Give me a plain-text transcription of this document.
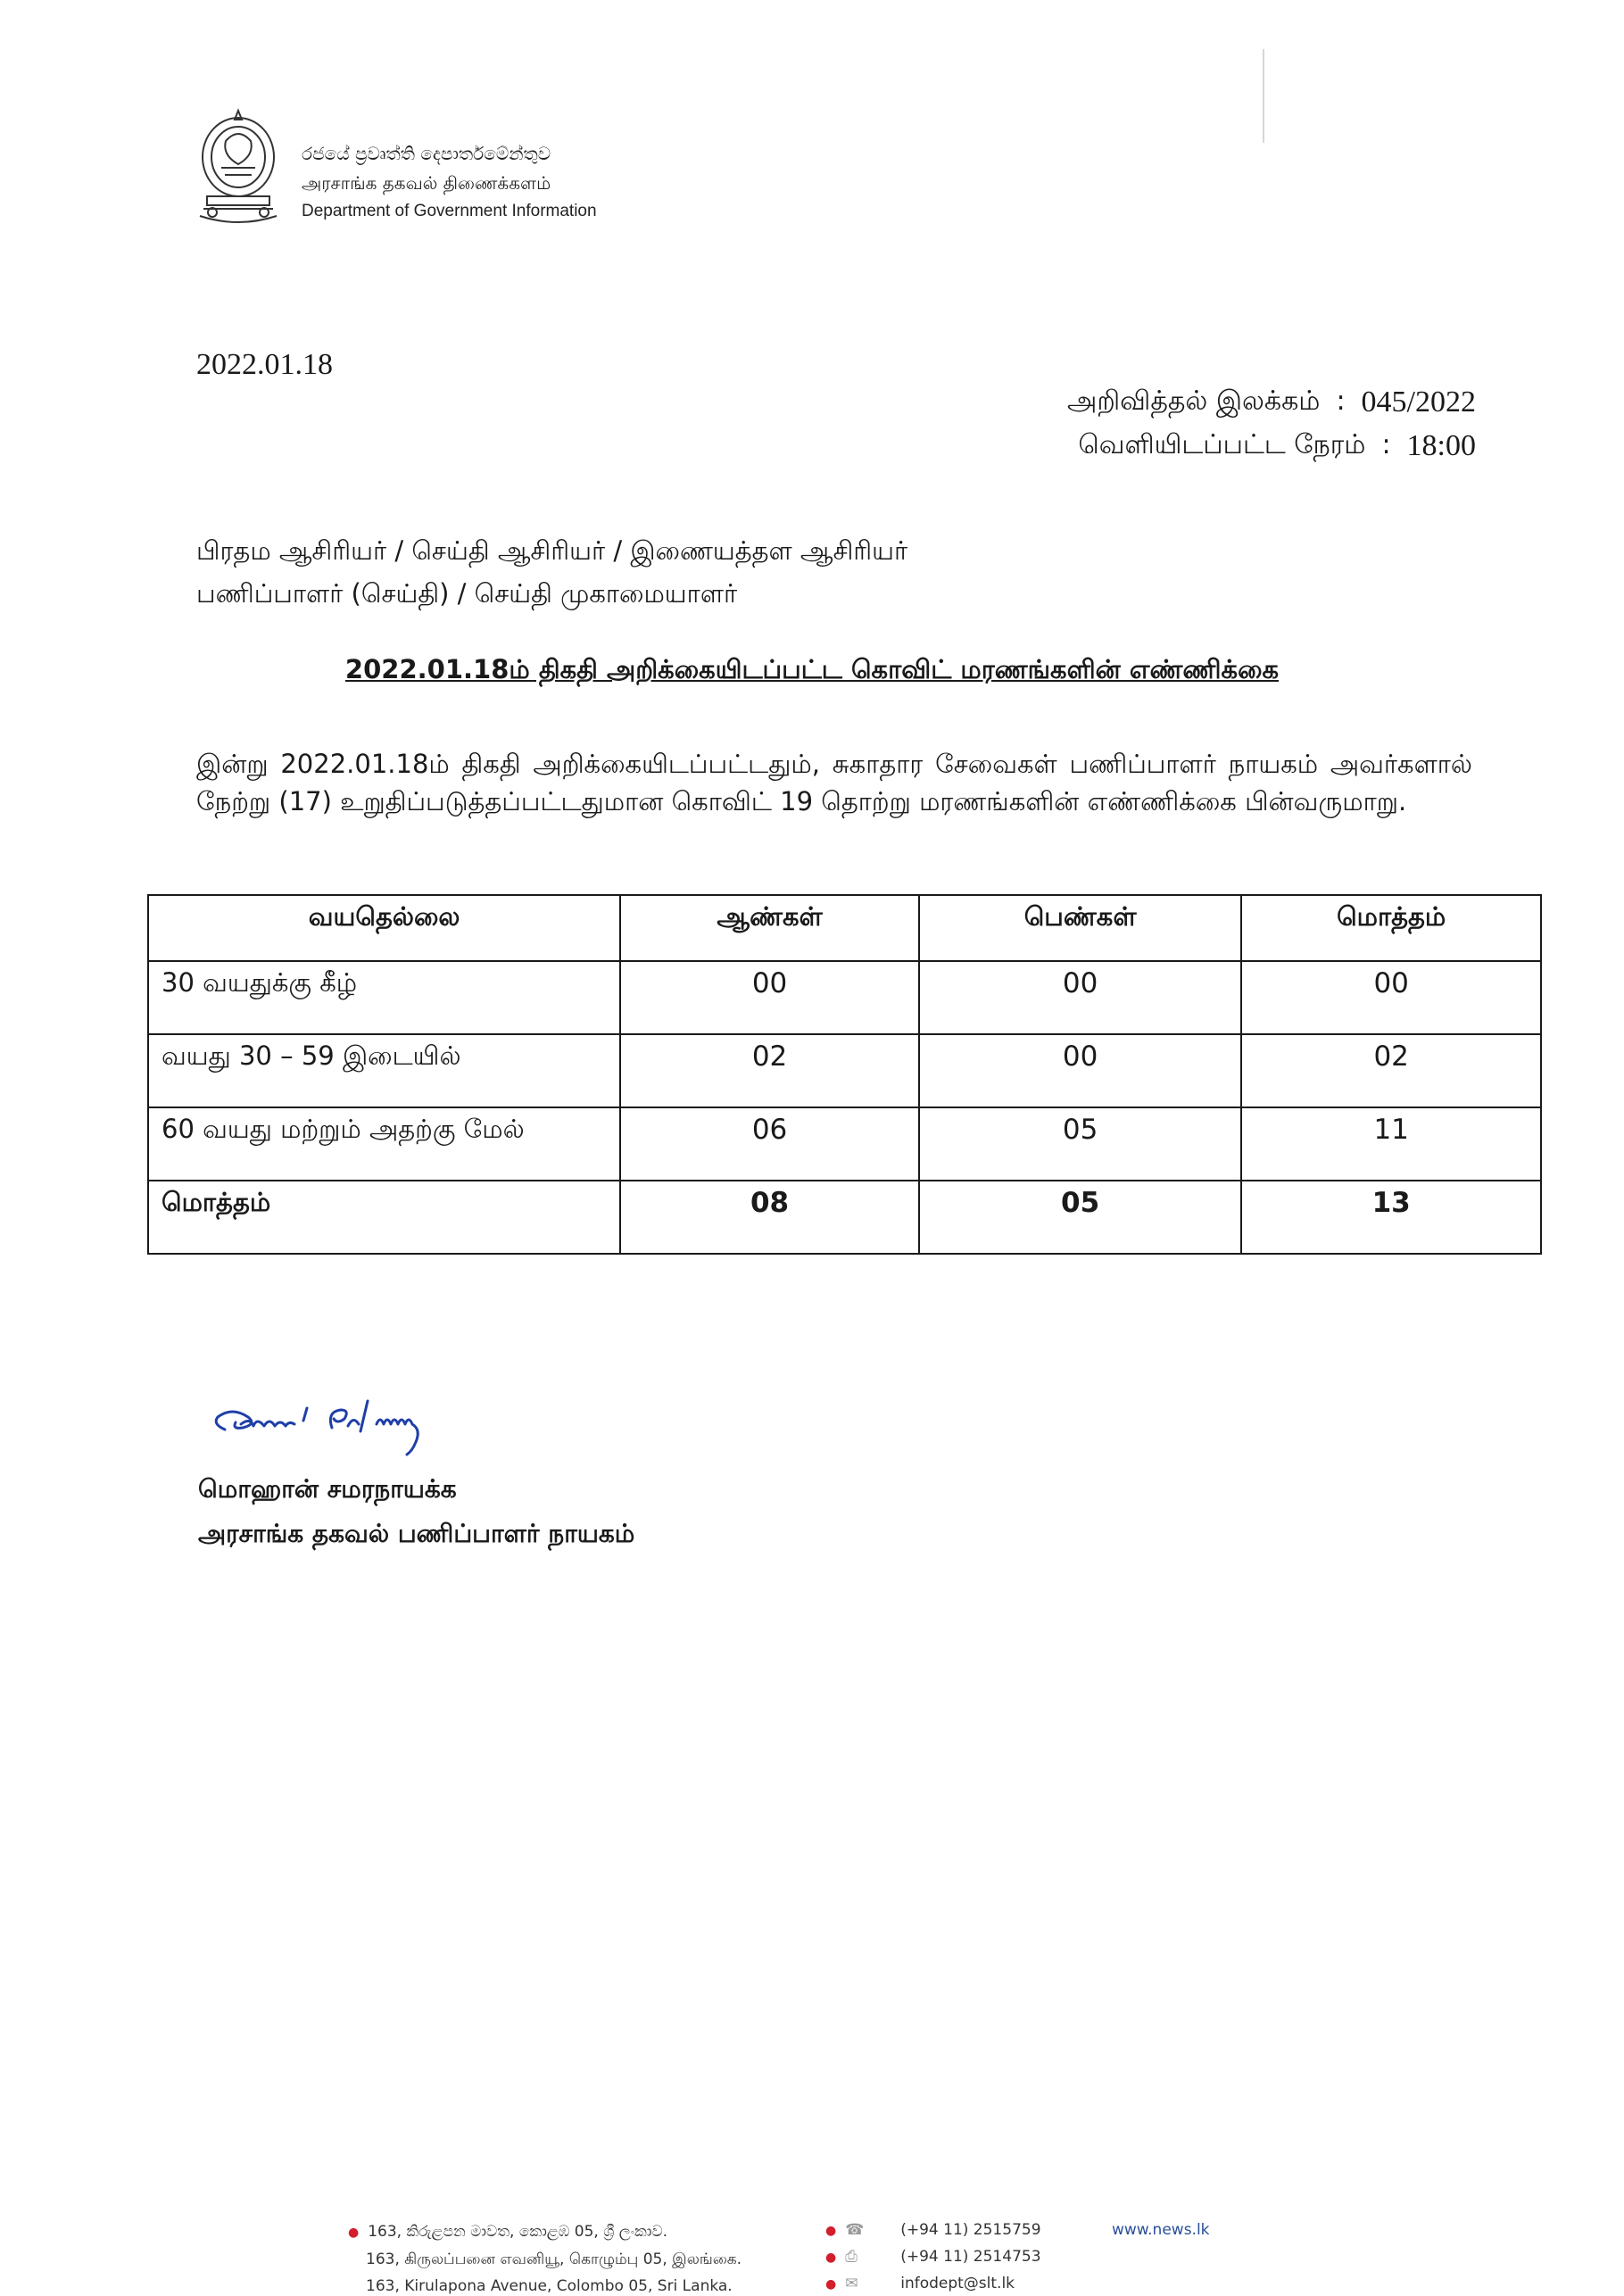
රජයේ ප්‍රවෘත්ති දෙපාර්තමේන්තුව
அரசாங்க தகவல் திணைக்களம்
Department of Government Information
2022.01.18
அறிவித்தல் இலக்கம் : 045/2022
வெளியிடப்பட்ட நேரம் : 18:00
பிரதம ஆசிரியர் / செய்தி ஆசிரியர் / இணையத்தள ஆசிரியர்
பணிப்பாளர் (செய்தி) / செய்தி முகாமையாளர்
2022.01.18ம் திகதி அறிக்கையிடப்பட்ட கொவிட் மரணங்களின் எண்ணிக்கை
இன்று 2022.01.18ம் திகதி அறிக்கையிடப்பட்டதும், சுகாதார சேவைகள் பணிப்பாளர் நாயகம் அவர்களால் நேற்று (17) உறுதிப்படுத்தப்பட்டதுமான கொவிட் 19 தொற்று மரணங்களின் எண்ணிக்கை பின்வருமாறு.
வயதெல்லை	ஆண்கள்	பெண்கள்	மொத்தம்
30 வயதுக்கு கீழ்	00	00	00
வயது 30 – 59 இடையில்	02	00	02
60 வயது மற்றும் அதற்கு மேல்	06	05	11
மொத்தம்	08	05	13
மொஹான் சமரநாயக்க
அரசாங்க தகவல் பணிப்பாளர் நாயகம்
● 163, කිරුළපන මාවත, කොළඹ 05, ශ්‍රී ලංකාව.
163, கிருலப்பனை எவனியூ, கொழும்பு 05, இலங்கை.
163, Kirulapona Avenue, Colombo 05, Sri Lanka.
● ☎ (+94 11) 2515759
● ⎙	(+94 11) 2514753
● ✉	infodept@slt.lk
www.news.lk
